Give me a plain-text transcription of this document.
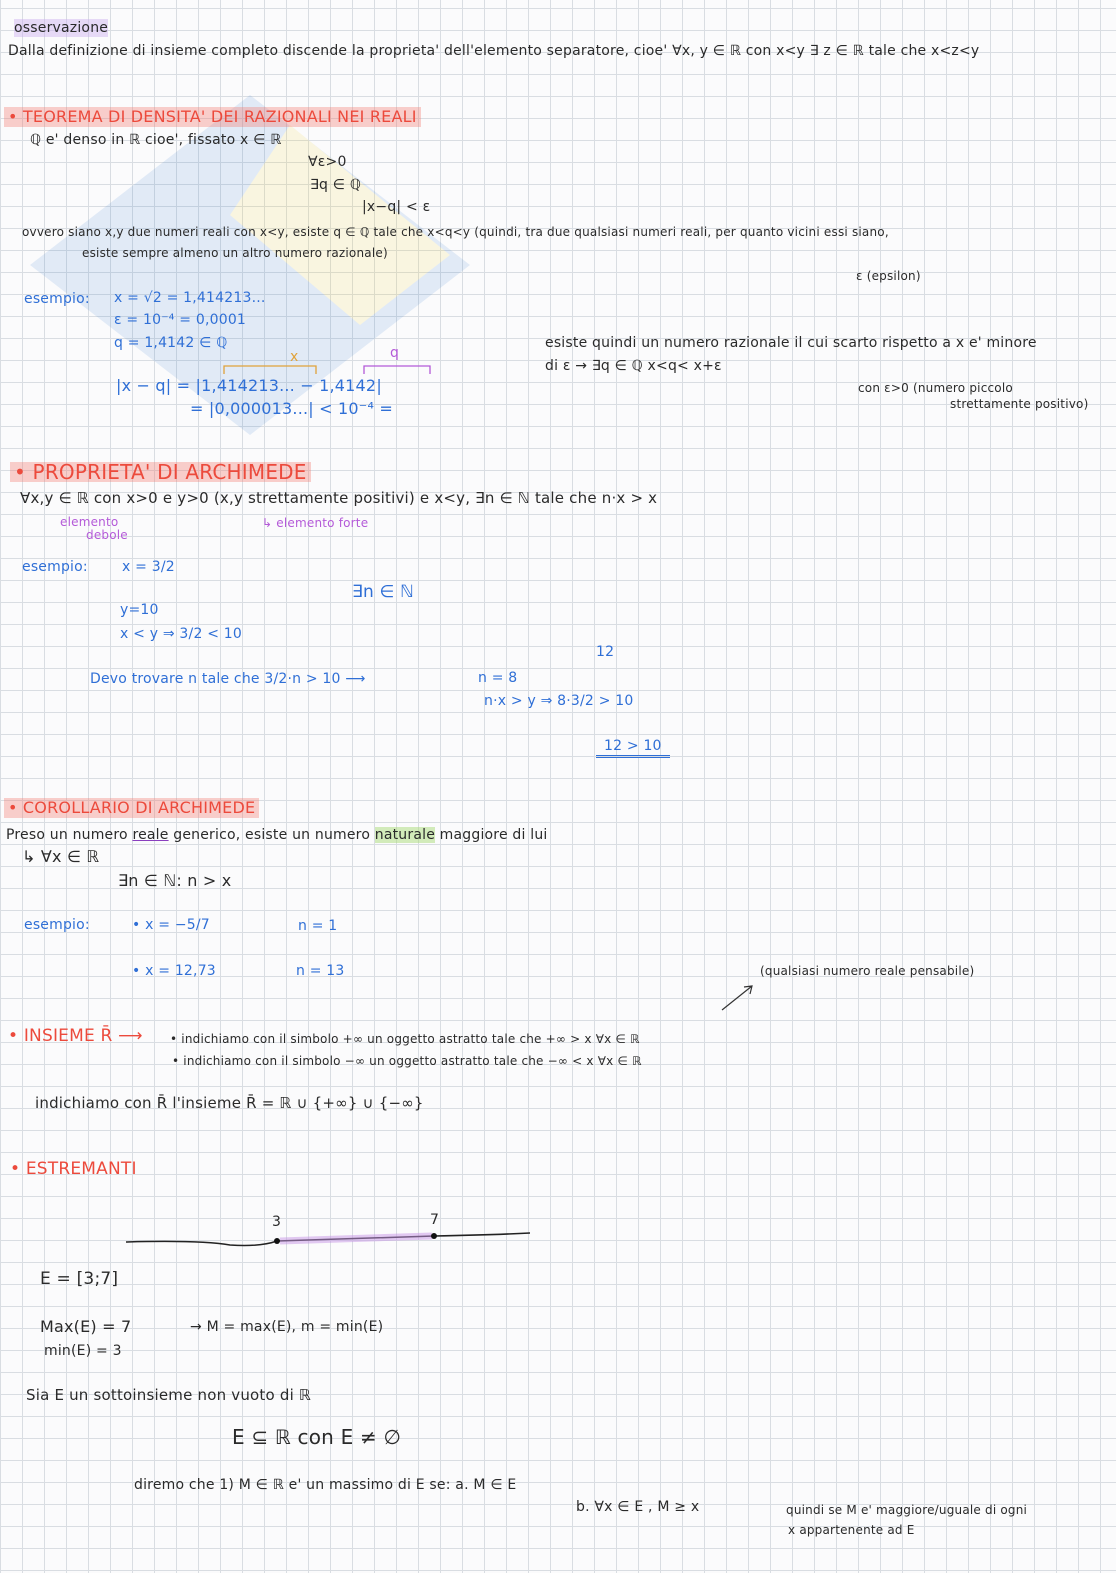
osservazione
Dalla definizione di insieme completo discende la proprieta' dell'elemento separatore, cioe' ∀x, y ∈ ℝ con x<y ∃ z ∈ ℝ tale che x<z<y
• TEOREMA DI DENSITA' DEI RAZIONALI NEI REALI
ℚ e' denso in ℝ cioe', fissato x ∈ ℝ
∀ε>0
∃q ∈ ℚ
|x−q| < ε
ovvero siano x,y due numeri reali con x<y, esiste q ∈ ℚ tale che x<q<y (quindi, tra due qualsiasi numeri reali, per quanto vicini essi siano,
esiste sempre almeno un altro numero razionale)
ε (epsilon)
esempio: x = √2 = 1,414213...
ε = 10⁻⁴ = 0,0001
q = 1,4142 ∈ ℚ
x	q
|x − q| = |1,414213... − 1,4142|
= |0,000013...| < 10⁻⁴ =
esiste quindi un numero razionale il cui scarto rispetto a x e' minore
di ε → ∃q ∈ ℚ x<q< x+ε
con ε>0 (numero piccolo
strettamente positivo)
• PROPRIETA' DI ARCHIMEDE
∀x,y ∈ ℝ con x>0 e y>0 (x,y strettamente positivi) e x<y, ∃n ∈ ℕ tale che n·x > x
elemento
debole
↳ elemento forte
esempio: x = 3/2
∃n ∈ ℕ
y=10
x < y ⇒ 3/2 < 10
Devo trovare n tale che 3/2·n > 10 ⟶	n = 8
12
n·x > y ⇒ 8·3/2 > 10
12 > 10
• COROLLARIO DI ARCHIMEDE
Preso un numero reale generico, esiste un numero naturale maggiore di lui
↳ ∀x ∈ ℝ
∃n ∈ ℕ: n > x
esempio:	• x = −5/7	n = 1
• x = 12,73	n = 13	(qualsiasi numero reale pensabile)
• INSIEME R̄ ⟶ • indichiamo con il simbolo +∞ un oggetto astratto tale che +∞ > x ∀x ∈ ℝ
• indichiamo con il simbolo −∞ un oggetto astratto tale che −∞ < x ∀x ∈ ℝ
indichiamo con R̄ l'insieme R̄ = ℝ ∪ {+∞} ∪ {−∞}
• ESTREMANTI
3	7
E = [3;7]
Max(E) = 7	→ M = max(E), m = min(E)
min(E) = 3
Sia E un sottoinsieme non vuoto di ℝ
E ⊆ ℝ con E ≠ ∅
diremo che 1) M ∈ ℝ e' un massimo di E se: a. M ∈ E
b. ∀x ∈ E , M ≥ x	quindi se M e' maggiore/uguale di ogni
x appartenente ad E
